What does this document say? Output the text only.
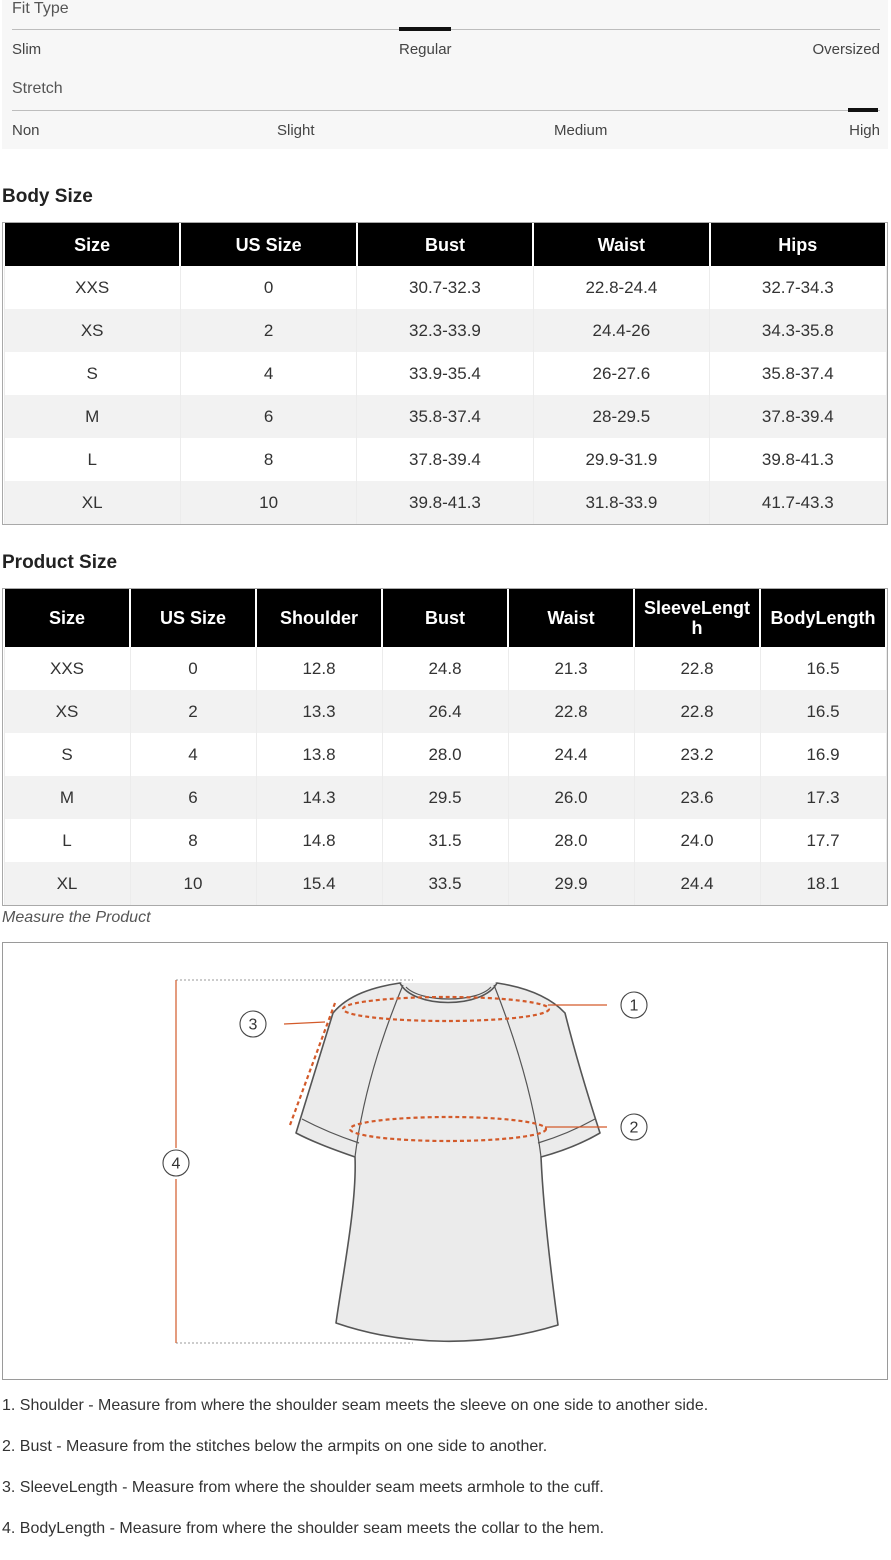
Fit Type
Slim	Regular	Oversized
Stretch
Non	Slight	Medium	High
Body Size
Size	US Size	Bust	Waist	Hips
XXS	0	30.7-32.3	22.8-24.4	32.7-34.3
XS	2	32.3-33.9	24.4-26	34.3-35.8
S	4	33.9-35.4	26-27.6	35.8-37.4
M	6	35.8-37.4	28-29.5	37.8-39.4
L	8	37.8-39.4	29.9-31.9	39.8-41.3
XL	10	39.8-41.3	31.8-33.9	41.7-43.3
Product Size
Size	US Size	Shoulder	Bust	Waist	SleeveLength	BodyLength
XXS	0	12.8	24.8	21.3	22.8	16.5
XS	2	13.3	26.4	22.8	22.8	16.5
S	4	13.8	28.0	24.4	23.2	16.9
M	6	14.3	29.5	26.0	23.6	17.3
L	8	14.8	31.5	28.0	24.0	17.7
XL	10	15.4	33.5	29.9	24.4	18.1
Measure the Product
1
2
3
4
1. Shoulder - Measure from where the shoulder seam meets the sleeve on one side to another side.
2. Bust - Measure from the stitches below the armpits on one side to another.
3. SleeveLength - Measure from where the shoulder seam meets armhole to the cuff.
4. BodyLength - Measure from where the shoulder seam meets the collar to the hem.
